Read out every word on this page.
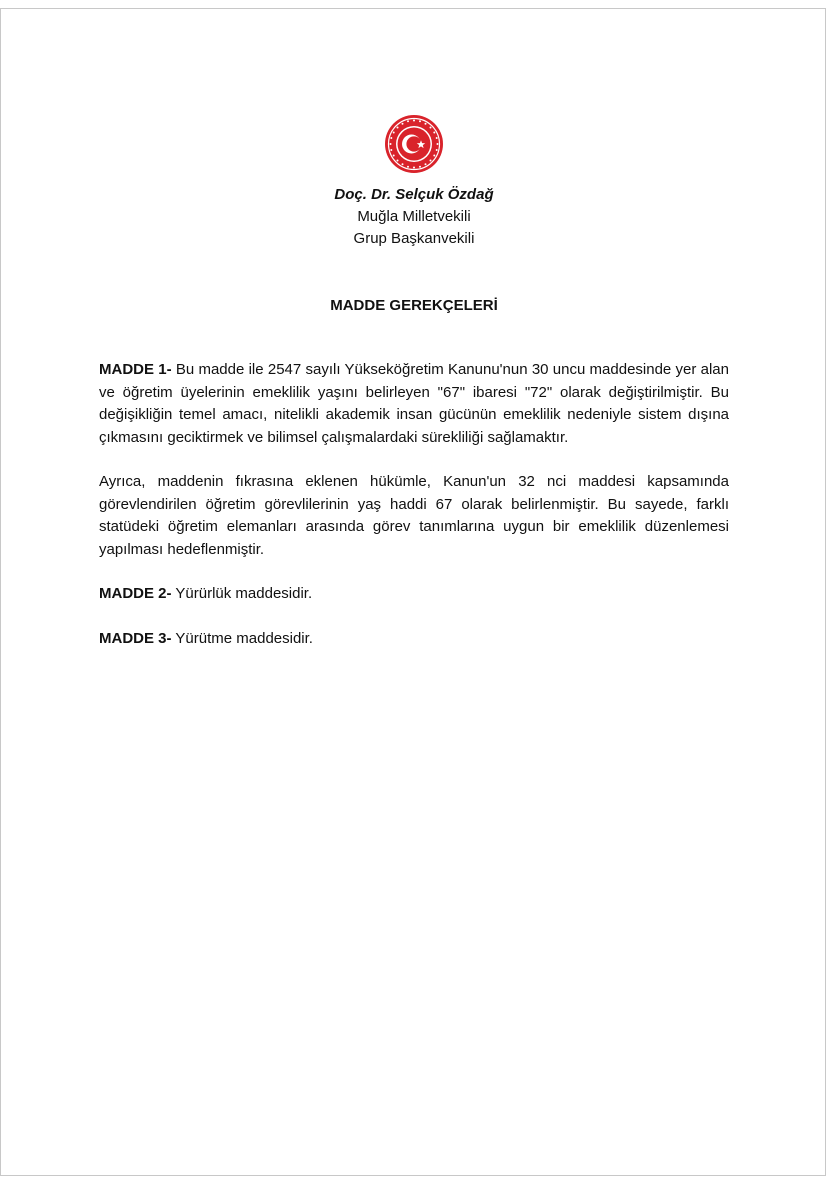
Doç. Dr. Selçuk Özdağ
Muğla Milletvekili
Grup Başkanvekili
MADDE GEREKÇELERİ

MADDE 1- Bu madde ile 2547 sayılı Yükseköğretim Kanunu'nun 30 uncu maddesinde yer alan ve öğretim üyelerinin emeklilik yaşını belirleyen "67" ibaresi "72" olarak değiştirilmiştir. Bu değişikliğin temel amacı, nitelikli akademik insan gücünün emeklilik nedeniyle sistem dışına çıkmasını geciktirmek ve bilimsel çalışmalardaki sürekliliği sağlamaktır.

Ayrıca, maddenin fıkrasına eklenen hükümle, Kanun'un 32 nci maddesi kapsamında görevlendirilen öğretim görevlilerinin yaş haddi 67 olarak belirlenmiştir. Bu sayede, farklı statüdeki öğretim elemanları arasında görev tanımlarına uygun bir emeklilik düzenlemesi yapılması hedeflenmiştir.

MADDE 2- Yürürlük maddesidir.

MADDE 3- Yürütme maddesidir.
